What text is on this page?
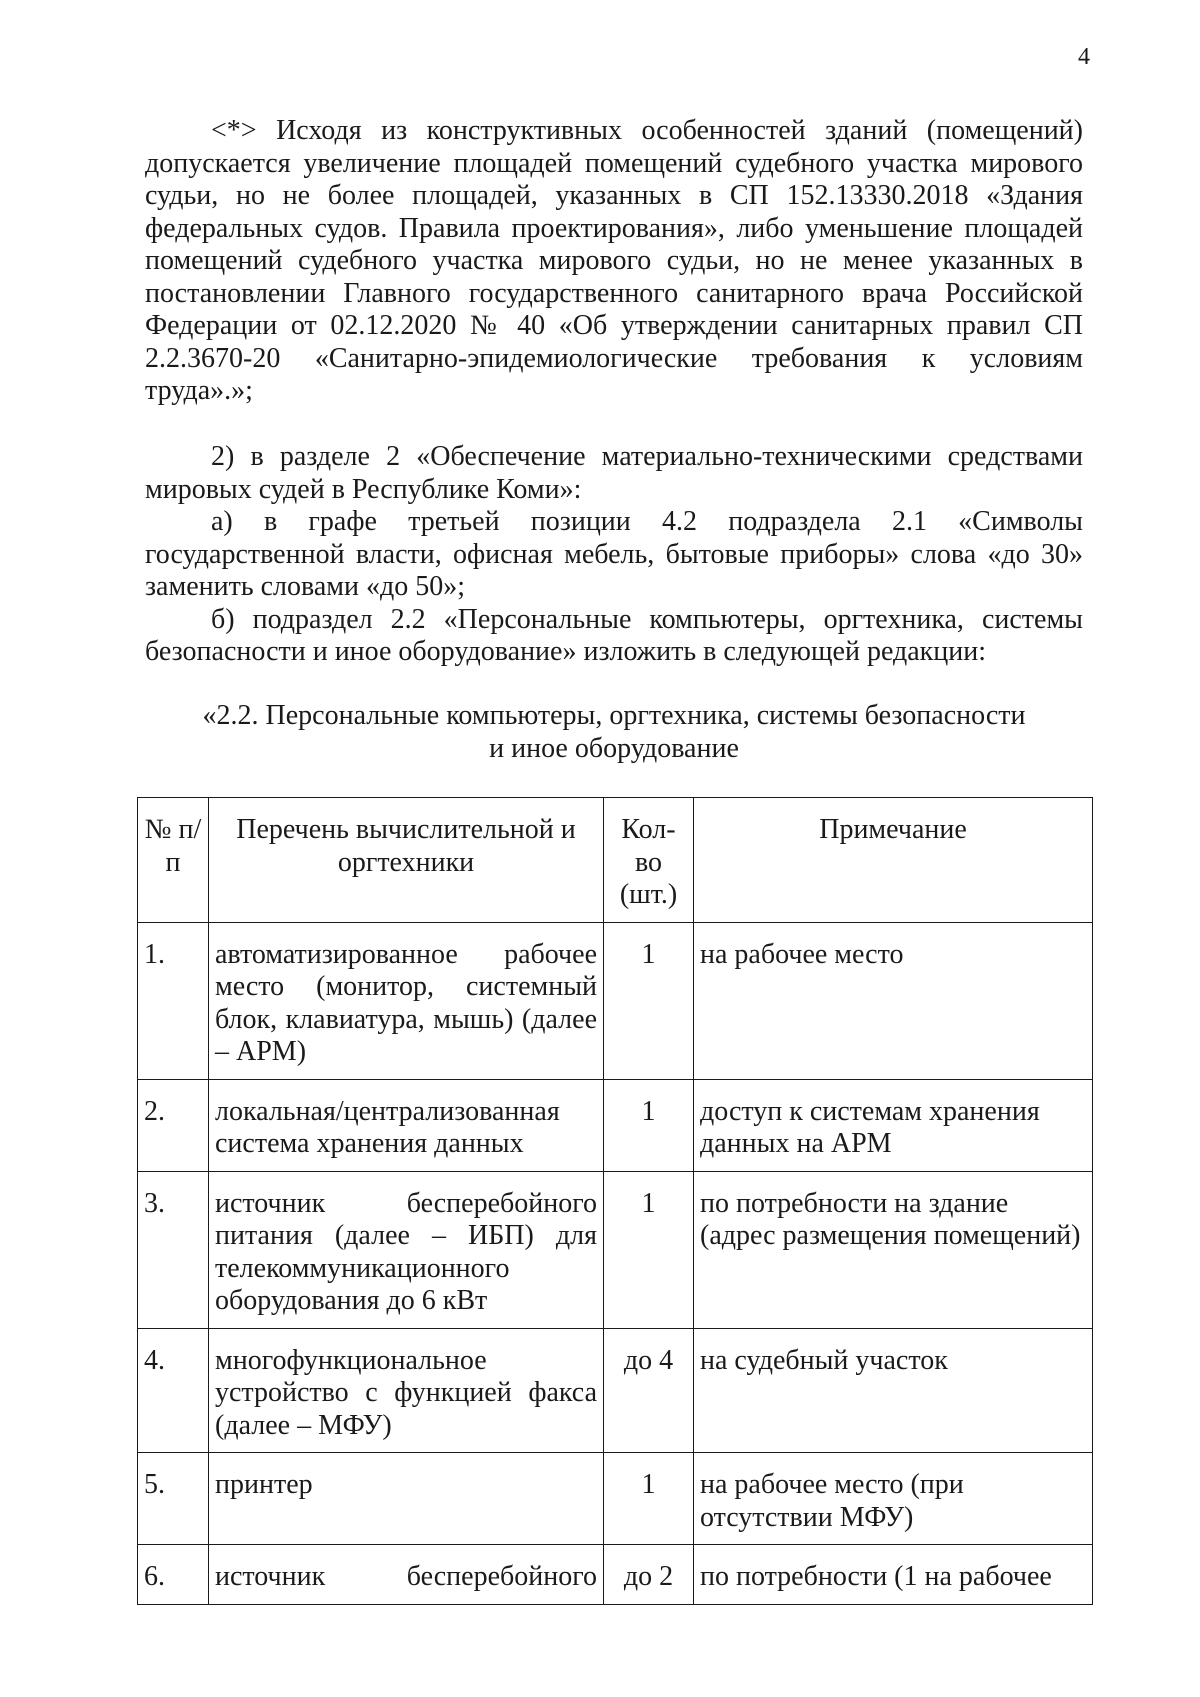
4

<*> Исходя из конструктивных особенностей зданий (помещений) допускается увеличение площадей помещений судебного участка мирового судьи, но не более площадей, указанных в СП 152.13330.2018 «Здания федеральных судов. Правила проектирования», либо уменьшение площадей помещений судебного участка мирового судьи, но не менее указанных в постановлении Главного государственного санитарного врача Российской Федерации от 02.12.2020 № 40 «Об утверждении санитарных правил СП 2.2.3670-20 «Санитарно-эпидемиологические требования к условиям труда».»;

2) в разделе 2 «Обеспечение материально-техническими средствами мировых судей в Республике Коми»:

а) в графе третьей позиции 4.2 подраздела 2.1 «Символы государственной власти, офисная мебель, бытовые приборы» слова «до 30» заменить словами «до 50»;

б) подраздел 2.2 «Персональные компьютеры, оргтехника, системы безопасности и иное оборудование» изложить в следующей редакции:

«2.2. Персональные компьютеры, оргтехника, системы безопасности
и иное оборудование
№ п/п	Перечень вычислительной и оргтехники	Кол-во (шт.)	Примечание
1.	автоматизированное рабочее место (монитор, системный блок, клавиатура, мышь) (далее – АРМ)	1	на рабочее место
2.	локальная/централизованная система хранения данных	1	доступ к системам хранения данных на АРМ
3.	источник бесперебойного питания (далее – ИБП) для телекоммуникационного оборудования до 6 кВт	1	по потребности на здание (адрес размещения помещений)
4.	многофункциональное устройство с функцией факса (далее – МФУ)	до 4	на судебный участок
5.	принтер	1	на рабочее место (при отсутствии МФУ)
6.	источник бесперебойного	до 2	по потребности (1 на рабочее
